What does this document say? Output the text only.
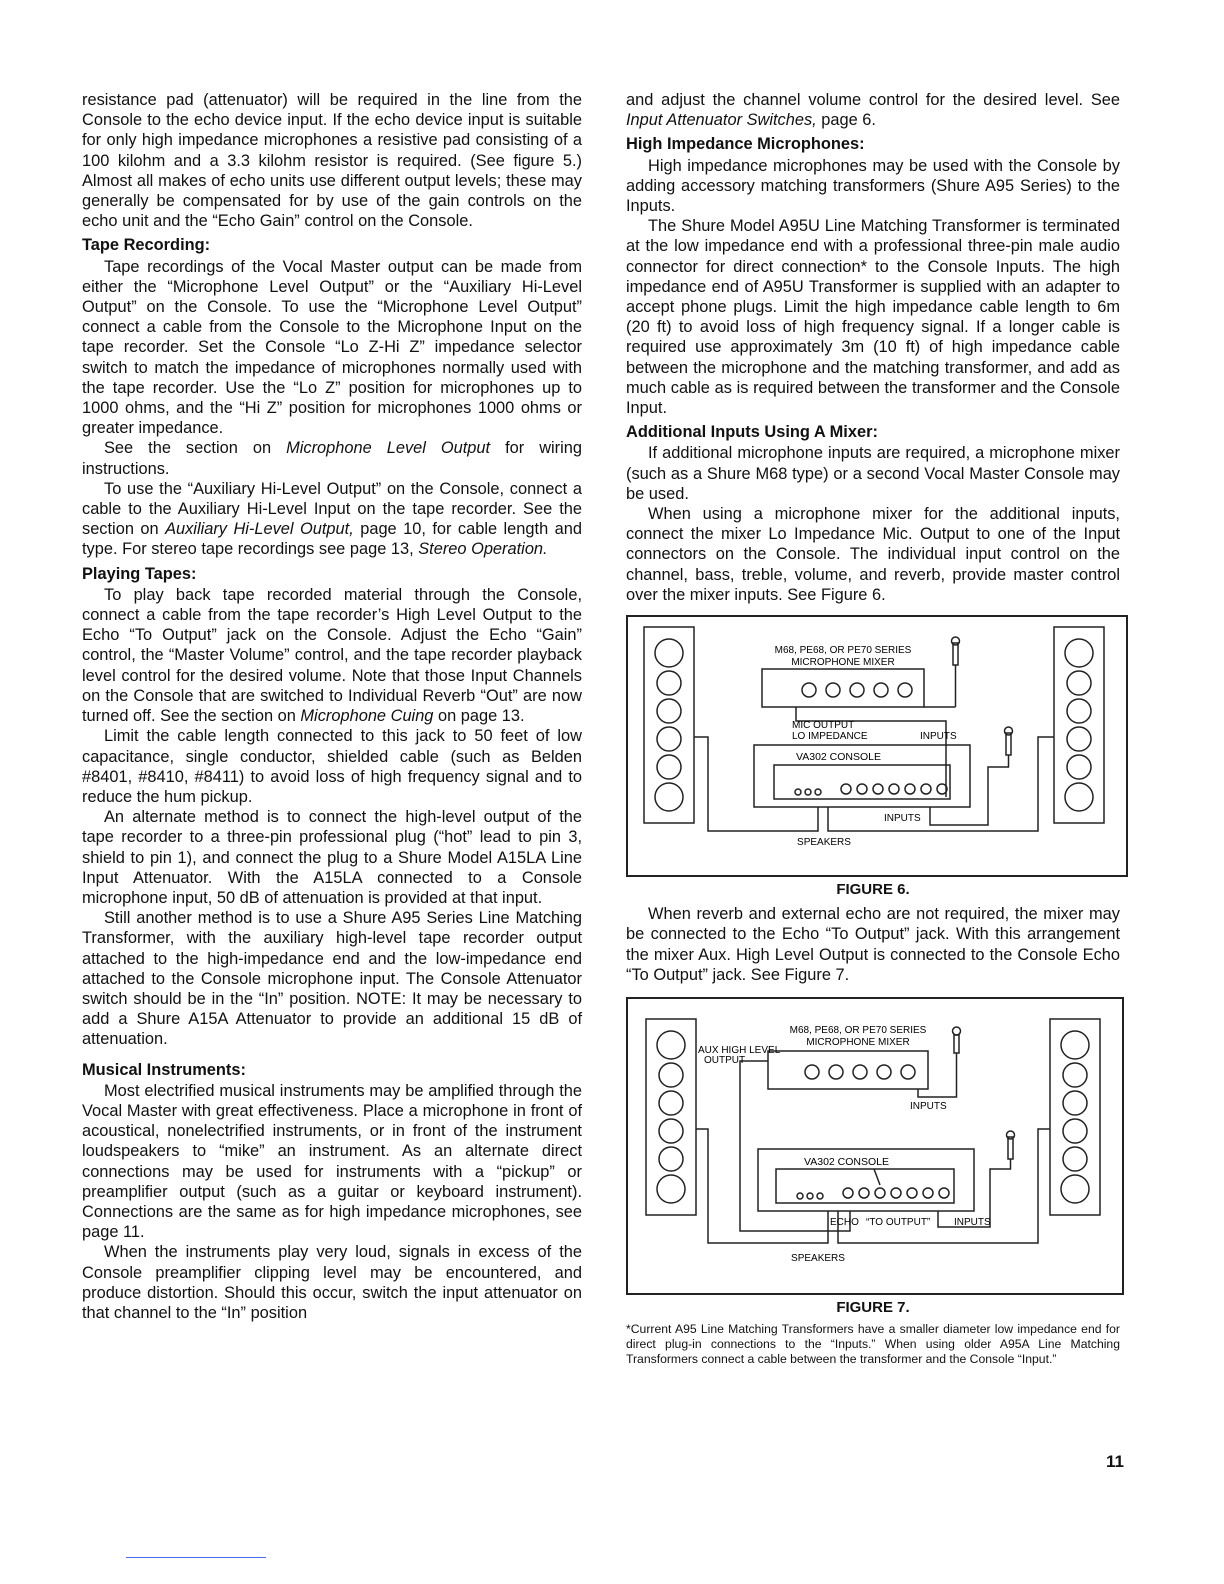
resistance pad (attenuator) will be required in the line from the Console to the echo device input. If the echo device input is suitable for only high impedance microphones a resistive pad consisting of a 100 kilohm and a 3.3 kilohm resistor is required. (See figure 5.) Almost all makes of echo units use different output levels; these may generally be compensated for by use of the gain controls on the echo unit and the “Echo Gain” control on the Console.

Tape Recording:

Tape recordings of the Vocal Master output can be made from either the “Microphone Level Output” or the “Auxiliary Hi-Level Output” on the Console. To use the “Microphone Level Output” connect a cable from the Console to the Microphone Input on the tape recorder. Set the Console “Lo Z-Hi Z” impedance selector switch to match the impedance of microphones normally used with the tape recorder. Use the “Lo Z” position for microphones up to 1000 ohms, and the “Hi Z” position for microphones 1000 ohms or greater impedance.

See the section on Microphone Level Output for wiring instructions.

To use the “Auxiliary Hi-Level Output” on the Console, connect a cable to the Auxiliary Hi-Level Input on the tape recorder. See the section on Auxiliary Hi-Level Output, page 10, for cable length and type. For stereo tape recordings see page 13, Stereo Operation.

Playing Tapes:

To play back tape recorded material through the Console, connect a cable from the tape recorder’s High Level Output to the Echo “To Output” jack on the Console. Adjust the Echo “Gain” control, the “Master Volume” control, and the tape recorder playback level control for the desired volume. Note that those Input Channels on the Console that are switched to Individual Reverb “Out” are now turned off. See the section on Microphone Cuing on page 13.

Limit the cable length connected to this jack to 50 feet of low capacitance, single conductor, shielded cable (such as Belden #8401, #8410, #8411) to avoid loss of high frequency signal and to reduce the hum pickup.

An alternate method is to connect the high-level output of the tape recorder to a three-pin professional plug (“hot” lead to pin 3, shield to pin 1), and connect the plug to a Shure Model A15LA Line Input Attenuator. With the A15LA connected to a Console microphone input, 50 dB of attenuation is provided at that input.

Still another method is to use a Shure A95 Series Line Matching Transformer, with the auxiliary high-level tape recorder output attached to the high-impedance end and the low-impedance end attached to the Console microphone input. The Console Attenuator switch should be in the “In” position. NOTE: It may be necessary to add a Shure A15A Attenuator to provide an additional 15 dB of attenuation.

Musical Instruments:

Most electrified musical instruments may be amplified through the Vocal Master with great effectiveness. Place a microphone in front of acoustical, nonelectrified instruments, or in front of the instrument loudspeakers to “mike” an instrument. As an alternate direct connections may be used for instruments with a “pickup” or preamplifier output (such as a guitar or keyboard instrument). Connections are the same as for high impedance microphones, see page 11.

When the instruments play very loud, signals in excess of the Console preamplifier clipping level may be encountered, and produce distortion. Should this occur, switch the input attenuator on that channel to the “In” position

and adjust the channel volume control for the desired level. See Input Attenuator Switches, page 6.

High Impedance Microphones:

High impedance microphones may be used with the Console by adding accessory matching transformers (Shure A95 Series) to the Inputs.

The Shure Model A95U Line Matching Transformer is terminated at the low impedance end with a professional three-pin male audio connector for direct connection* to the Console Inputs. The high impedance end of A95U Transformer is supplied with an adapter to accept phone plugs. Limit the high impedance cable length to 6m (20 ft) to avoid loss of high frequency signal. If a longer cable is required use approximately 3m (10 ft) of high impedance cable between the microphone and the matching transformer, and add as much cable as is required between the transformer and the Console Input.

Additional Inputs Using A Mixer:

If additional microphone inputs are required, a microphone mixer (such as a Shure M68 type) or a second Vocal Master Console may be used.

When using a microphone mixer for the additional inputs, connect the mixer Lo Impedance Mic. Output to one of the Input connectors on the Console. The individual input control on the channel, bass, treble, volume, and reverb, provide master control over the mixer inputs. See Figure 6.

M68, PE68, OR PE70 SERIES
MICROPHONE MIXER
MIC OUTPUT
LO IMPEDANCE	INPUTS
VA302 CONSOLE
INPUTS
SPEAKERS
FIGURE 6.

When reverb and external echo are not required, the mixer may be connected to the Echo “To Output” jack. With this arrangement the mixer Aux. High Level Output is connected to the Console Echo “To Output” jack. See Figure 7.

M68, PE68, OR PE70 SERIES
MICROPHONE MIXER
AUX HIGH LEVEL
OUTPUT
INPUTS
VA302 CONSOLE
ECHO “TO OUTPUT” INPUTS
SPEAKERS
FIGURE 7.

*Current A95 Line Matching Transformers have a smaller diameter low impedance end for direct plug-in connections to the “Inputs.” When using older A95A Line Matching Transformers connect a cable between the transformer and the Console “Input.”

11
